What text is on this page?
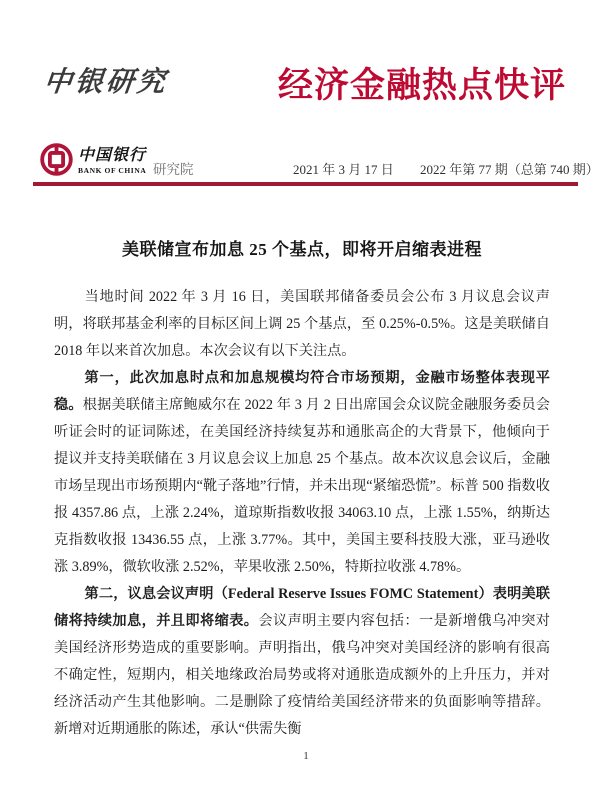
中银研究	经济金融热点快评
中国银行
BANK OF CHINA 研究院	2021 年 3 月 17 日 2022 年第 77 期（总第 740 期）
美联储宣布加息 25 个基点，即将开启缩表进程

当地时间 2022 年 3 月 16 日，美国联邦储备委员会公布 3 月议息会议声明，将联邦基金利率的目标区间上调 25 个基点，至 0.25%-0.5%。这是美联储自 2018 年以来首次加息。本次会议有以下关注点。

第一，此次加息时点和加息规模均符合市场预期，金融市场整体表现平稳。根据美联储主席鲍威尔在 2022 年 3 月 2 日出席国会众议院金融服务委员会听证会时的证词陈述，在美国经济持续复苏和通胀高企的大背景下，他倾向于提议并支持美联储在 3 月议息会议上加息 25 个基点。故本次议息会议后，金融市场呈现出市场预期内“靴子落地”行情，并未出现“紧缩恐慌”。标普 500 指数收报 4357.86 点，上涨 2.24%，道琼斯指数收报 34063.10 点，上涨 1.55%，纳斯达克指数收报 13436.55 点，上涨 3.77%。其中，美国主要科技股大涨，亚马逊收涨 3.89%，微软收涨 2.52%，苹果收涨 2.50%，特斯拉收涨 4.78%。

第二，议息会议声明（Federal Reserve Issues FOMC Statement）表明美联储将持续加息，并且即将缩表。会议声明主要内容包括：一是新增俄乌冲突对美国经济形势造成的重要影响。声明指出，俄乌冲突对美国经济的影响有很高不确定性，短期内，相关地缘政治局势或将对通胀造成额外的上升压力，并对经济活动产生其他影响。二是删除了疫情给美国经济带来的负面影响等措辞。新增对近期通胀的陈述，承认“供需失衡

1
